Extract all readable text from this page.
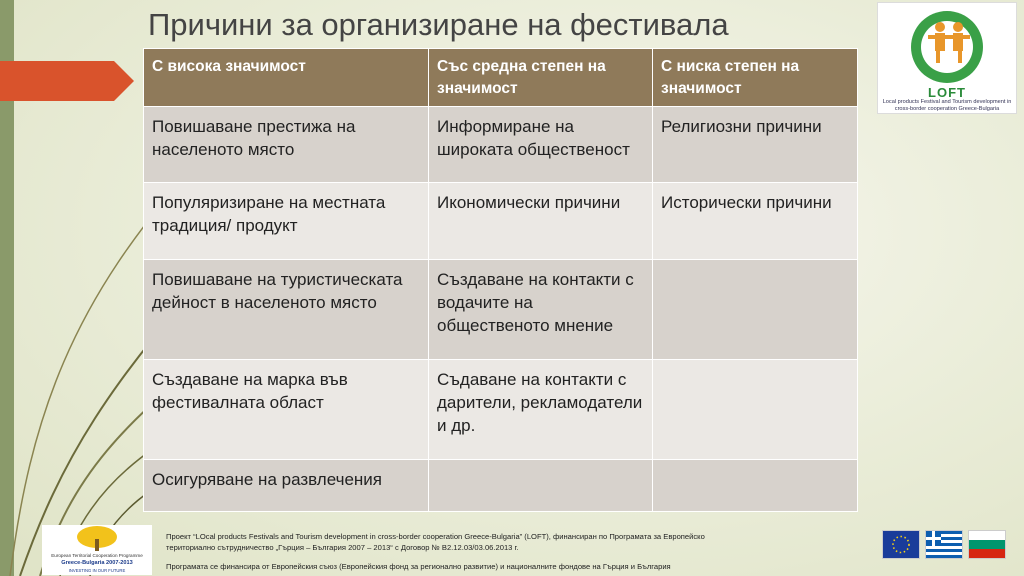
Причини за организиране на фестивала
LOFT
Local products Festival and Tourism development in cross-border cooperation Greece-Bulgaria
С висока значимост	Със средна степен на значимост	С ниска степен на значимост
Повишаване престижа на населеното място	Информиране на широката общественост	Религиозни причини
Популяризиране на местната традиция/ продукт	Икономически причини	Исторически причини
Повишаване на туристическата дейност в населеното място	Създаване на контакти с водачите на общественото мнение	
Създаване на марка във фестивалната област	Съдаване на контакти с дарители, рекламодатели и др.	
Осигуряване на развлечения		
European Territorial Cooperation Programme
Greece-Bulgaria 2007-2013
INVESTING IN OUR FUTURE

Проект “LOcal products Festivals and Tourism development in cross-border cooperation Greece-Bulgaria” (LOFT), финансиран по Програмата за Европейско

териториално сътрудничество „Гърция – България 2007 – 2013“ с Договор № B2.12.03/03.06.2013 г.

Програмата се финансира от Европейския съюз (Европейския фонд за регионално развитие) и националните фондове на Гърция и България
